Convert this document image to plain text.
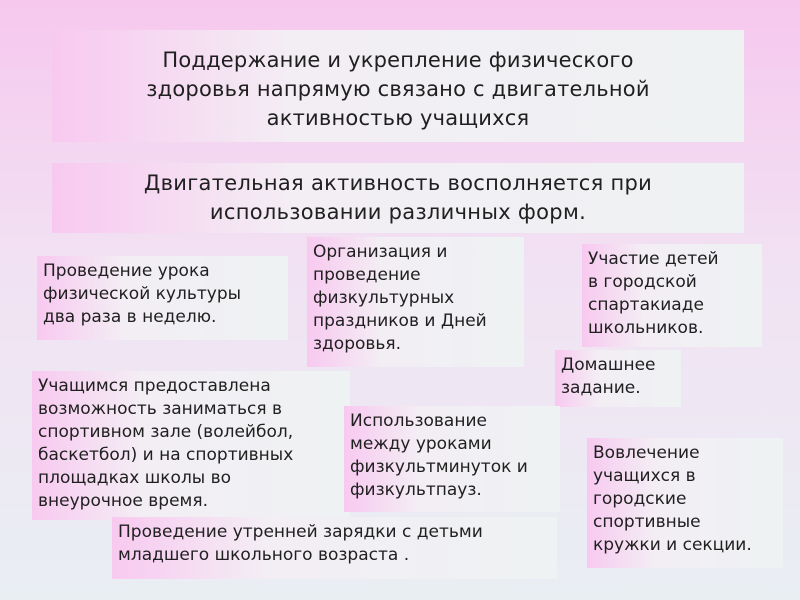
Поддержание и укрепление физического
здоровья напрямую связано с двигательной
активностью учащихся
Двигательная активность восполняется при
использовании различных форм.
Проведение урока
физической культуры
два раза в неделю.
Организация и
проведение
физкультурных
праздников и Дней
здоровья.
Участие детей
в городской
спартакиаде
школьников.
Домашнее
задание.
Учащимся предоставлена
возможность заниматься в
спортивном зале (волейбол,
баскетбол) и на спортивных
площадках школы во
внеурочное время.
Использование
между уроками
физкультминуток и
физкультпауз.
Вовлечение
учащихся в
городские
спортивные
кружки и секции.
Проведение утренней зарядки с детьми
младшего школьного возраста .
